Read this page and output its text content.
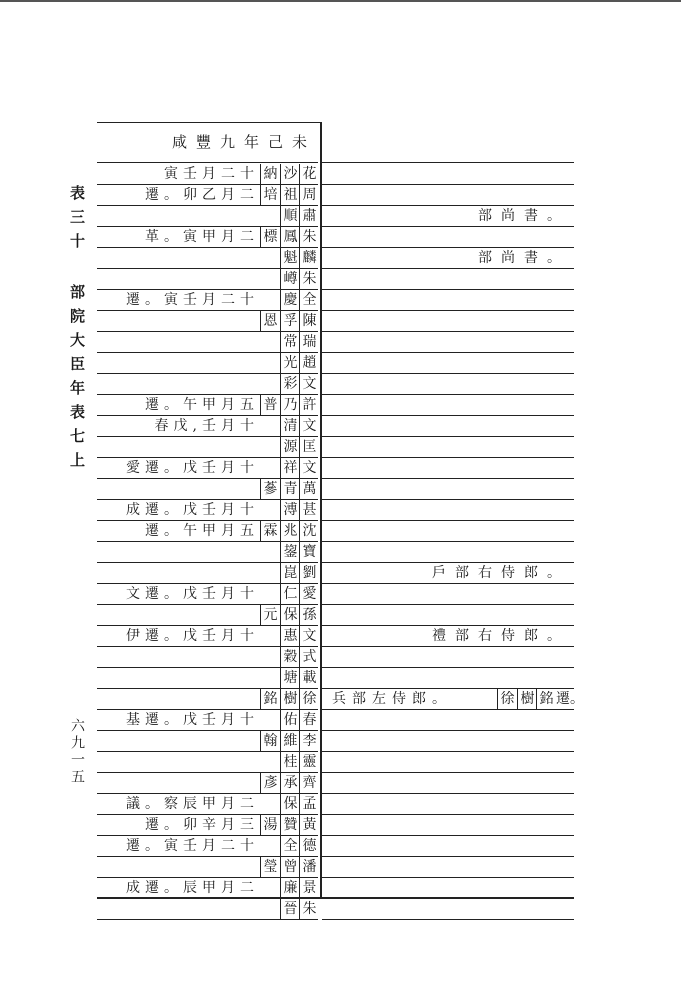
表三十 部院大臣年表七上
六九一五
咸豐九年己未
寅壬月二十 納 沙 花
遷。卯乙月二 培 祖 周
順 肅
革。寅甲月二 標 鳳 朱
魁 麟
嶟 朱
遷。寅壬月二十 慶 全
恩 孚 陳
常 瑞
光 趙
彩 文
遷。午甲月五 普 乃 許
春戊,壬月十 清 文
源 匡
愛遷。戊壬月十 祥 文
蔘 青 萬
成遷。戊壬月十 溥 甚
遷。午甲月五 霖 兆 沈
鋆 寶
崑 劉
文遷。戊壬月十 仁 愛
元 保 孫
伊遷。戊壬月十 惠 文
穀 式
塘 載
銘 樹 徐
基遷。戊壬月十 佑 春
翰 維 李
桂 靈
彥 承 齊
議。察辰甲月二 保 孟
遷。卯辛月三 湯 贊 黃
遷。寅壬月二十 全 德
瑩 曾 潘
成遷。辰甲月二 廉 景
晉 朱
部尚書。
部尚書。
戶部右侍郎。
禮部右侍郎。
兵部左侍郎。	徐 樹 銘 遷。
